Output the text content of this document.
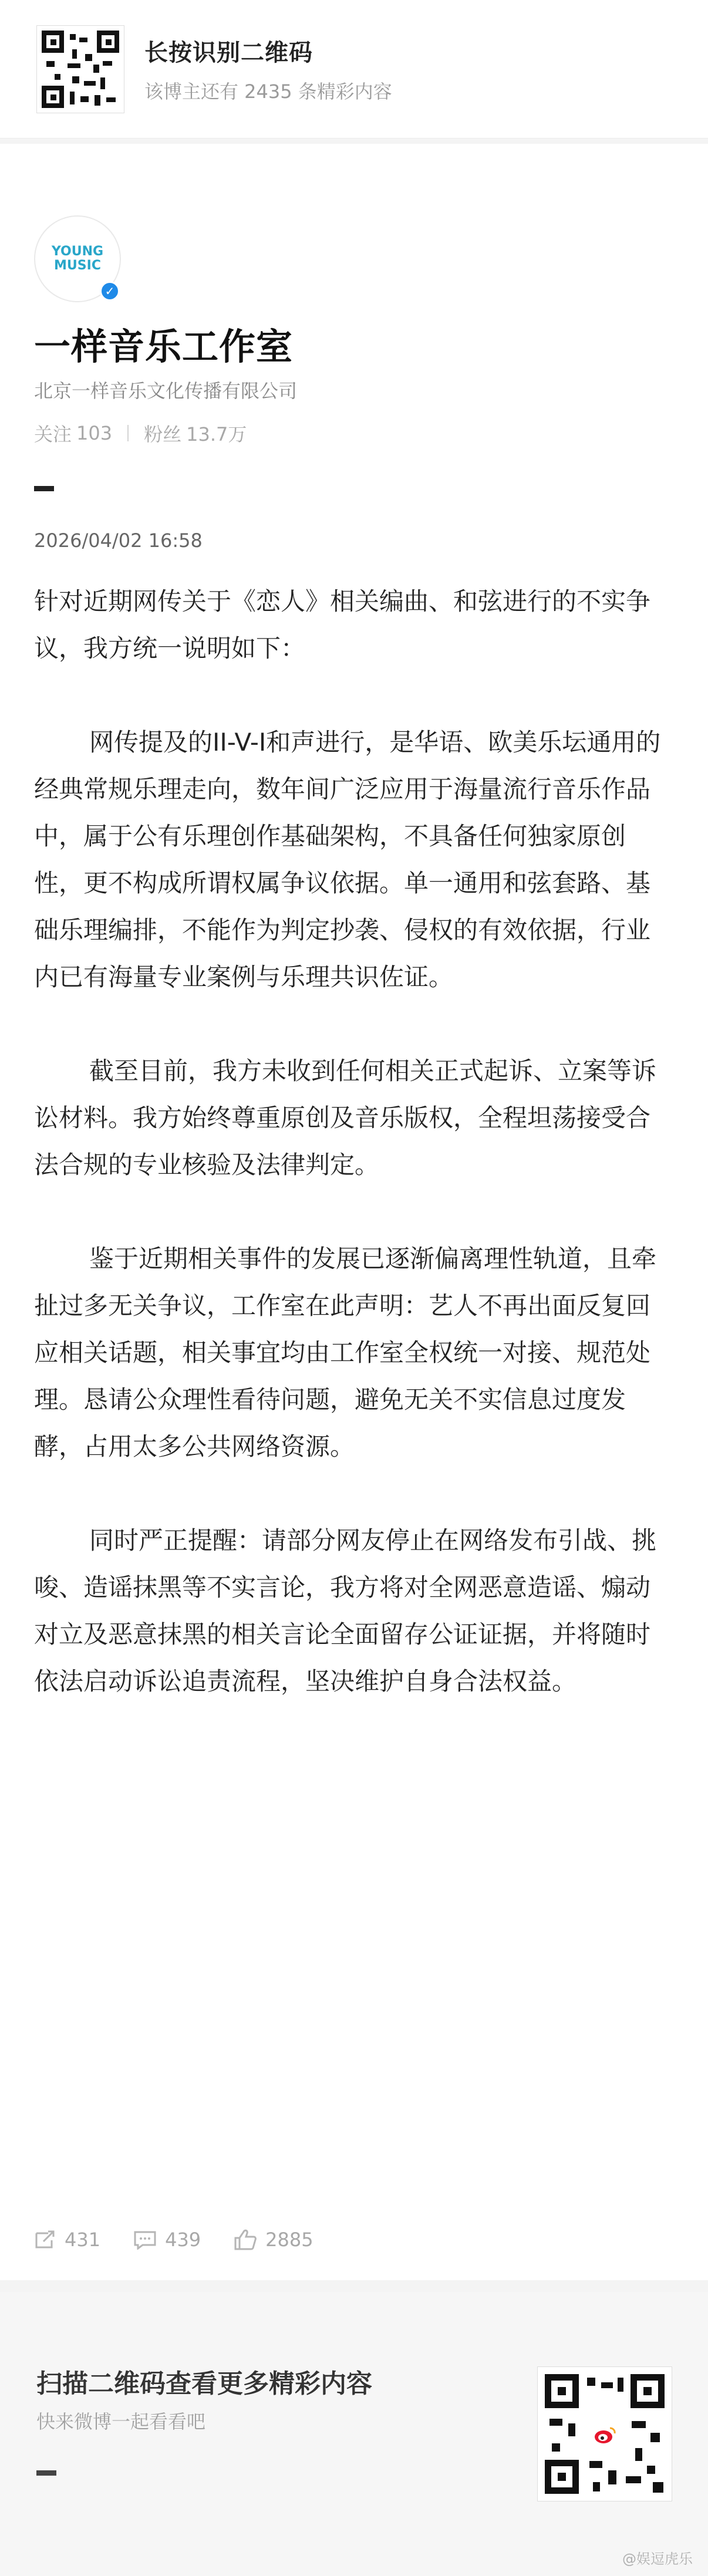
长按识别二维码
该博主还有 2435 条精彩内容
YOUNG MUSIC
✓
一样音乐工作室
北京一样音乐文化传播有限公司
关注 103 粉丝 13.7万
2026/04/02 16:58

针对近期网传关于《恋人》相关编曲、和弦进行的不实争议，我方统一说明如下：

网传提及的II-V-I和声进行，是华语、欧美乐坛通用的经典常规乐理走向，数年间广泛应用于海量流行音乐作品中，属于公有乐理创作基础架构，不具备任何独家原创性，更不构成所谓权属争议依据。单一通用和弦套路、基础乐理编排，不能作为判定抄袭、侵权的有效依据，行业内已有海量专业案例与乐理共识佐证。

截至目前，我方未收到任何相关正式起诉、立案等诉讼材料。我方始终尊重原创及音乐版权，全程坦荡接受合法合规的专业核验及法律判定。

鉴于近期相关事件的发展已逐渐偏离理性轨道，且牵扯过多无关争议，工作室在此声明：艺人不再出面反复回应相关话题，相关事宜均由工作室全权统一对接、规范处理。恳请公众理性看待问题，避免无关不实信息过度发酵，占用太多公共网络资源。

同时严正提醒：请部分网友停止在网络发布引战、挑唆、造谣抹黑等不实言论，我方将对全网恶意造谣、煽动对立及恶意抹黑的相关言论全面留存公证证据，并将随时依法启动诉讼追责流程，坚决维护自身合法权益。

431	439	2885
扫描二维码查看更多精彩内容
快来微博一起看看吧
@娱逗虎乐
